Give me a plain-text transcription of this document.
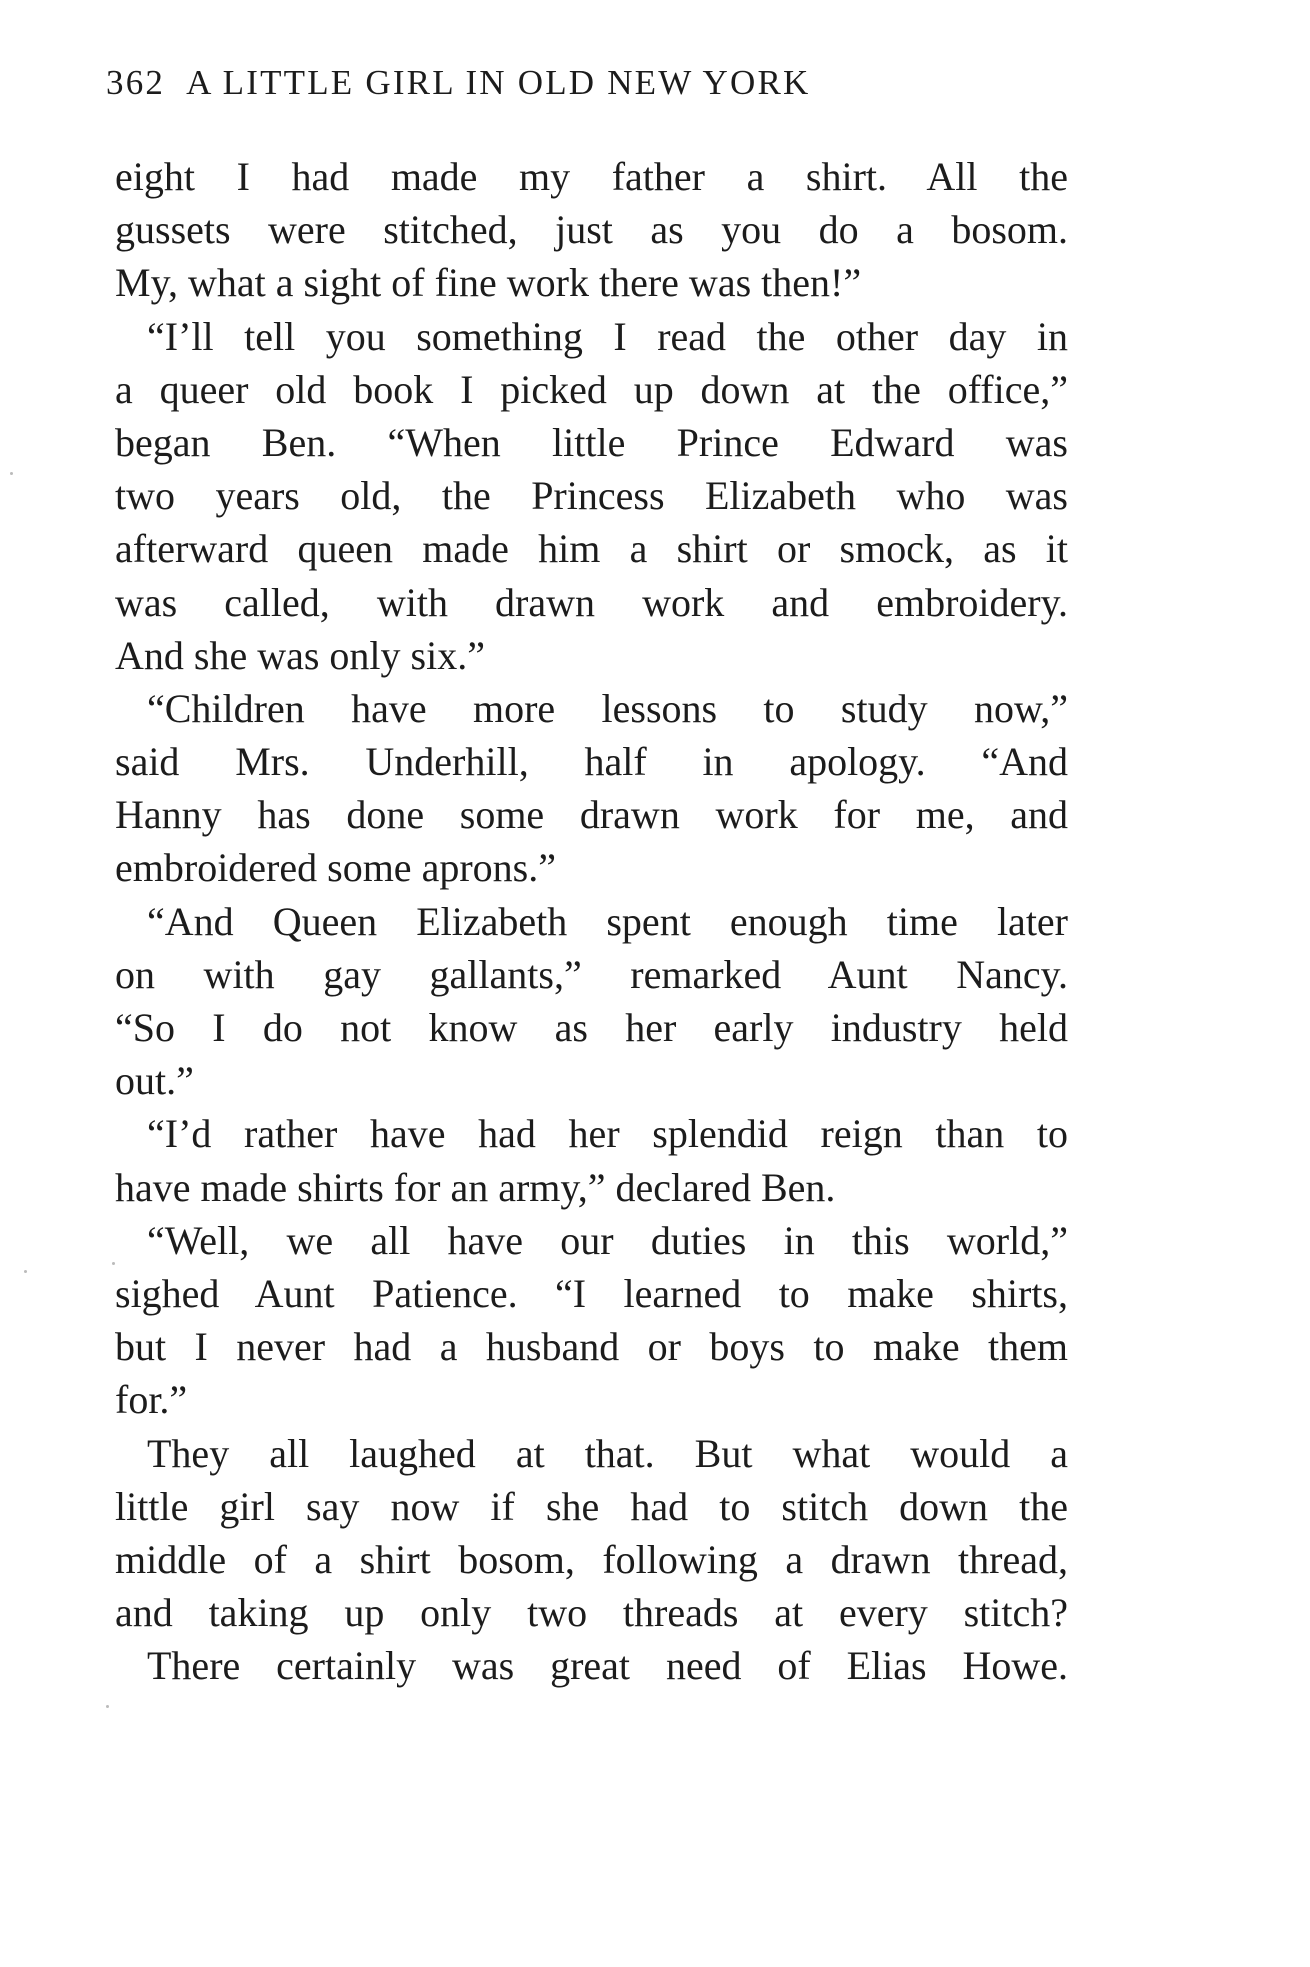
362 A LITTLE GIRL IN OLD NEW YORK
eight I had made my father a shirt. All the
gussets were stitched, just as you do a bosom.
My, what a sight of fine work there was then!”
“I’ll tell you something I read the other day in
a queer old book I picked up down at the office,”
began Ben. “When little Prince Edward was
two years old, the Princess Elizabeth who was
afterward queen made him a shirt or smock, as it
was called, with drawn work and embroidery.
And she was only six.”
“Children have more lessons to study now,”
said Mrs. Underhill, half in apology. “And
Hanny has done some drawn work for me, and
embroidered some aprons.”
“And Queen Elizabeth spent enough time later
on with gay gallants,” remarked Aunt Nancy.
“So I do not know as her early industry held
out.”
“I’d rather have had her splendid reign than to
have made shirts for an army,” declared Ben.
“Well, we all have our duties in this world,”
sighed Aunt Patience. “I learned to make shirts,
but I never had a husband or boys to make them
for.”
They all laughed at that. But what would a
little girl say now if she had to stitch down the
middle of a shirt bosom, following a drawn thread,
and taking up only two threads at every stitch?
There certainly was great need of Elias Howe.
